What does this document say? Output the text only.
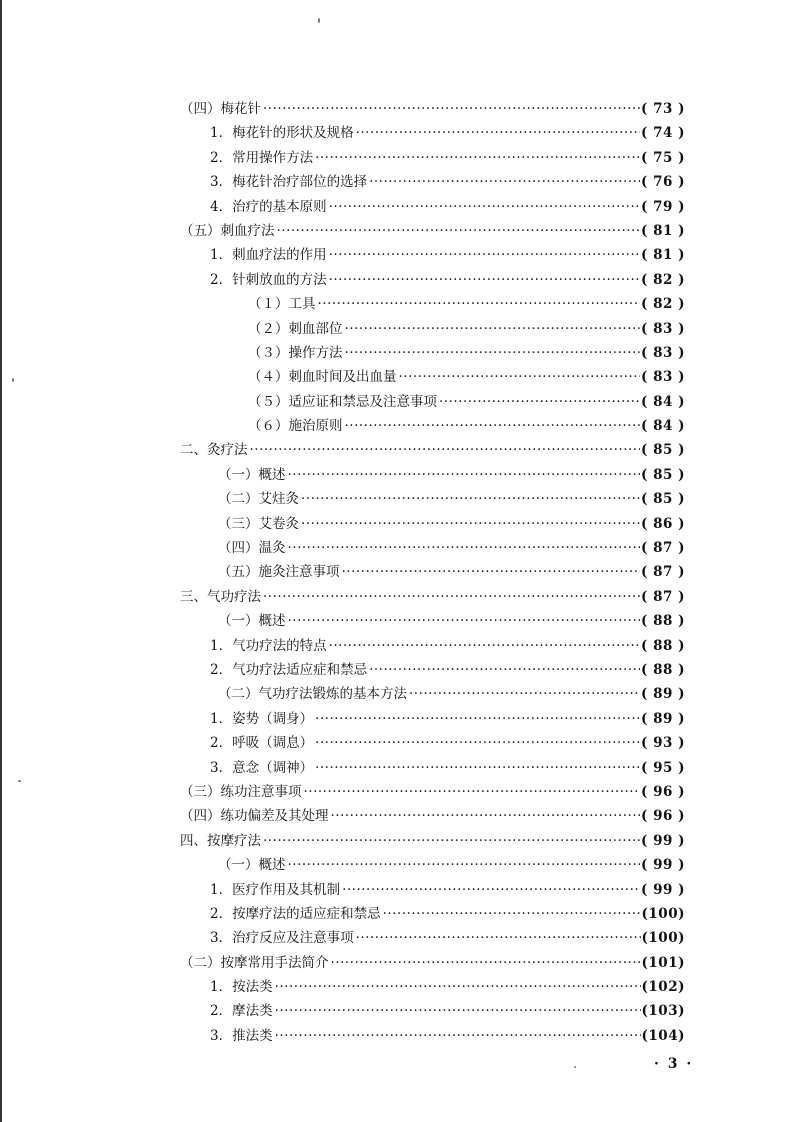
（四）梅花针 ·····	( 73 )
1． 梅花针的形状及规格 ·····	( 74 )
2． 常用操作方法 ·····	( 75 )
3． 梅花针治疗部位的选择 ·····	( 76 )
4． 治疗的基本原则 ·····	( 79 )
（五）刺血疗法 ·····	( 81 )
1． 刺血疗法的作用 ·····	( 81 )
2． 针刺放血的方法 ·····	( 82 )
（１）工具 ·····	( 82 )
（２）刺血部位 ·····	( 83 )
（３）操作方法 ·····	( 83 )
（４）刺血时间及出血量 ·····	( 83 )
（５）适应证和禁忌及注意事项 ·····	( 84 )
（６）施治原则 ·····	( 84 )
二、灸疗法 ·····	( 85 )
（一）概述 ·····	( 85 )
（二）艾炷灸 ·····	( 85 )
（三）艾卷灸 ·····	( 86 )
（四）温灸 ·····	( 87 )
（五）施灸注意事项 ·····	( 87 )
三、气功疗法 ·····	( 87 )
（一）概述 ·····	( 88 )
1． 气功疗法的特点 ·····	( 88 )
2． 气功疗法适应症和禁忌 ·····	( 88 )
（二）气功疗法锻炼的基本方法 ·····	( 89 )
1． 姿势（调身） ·····	( 89 )
2． 呼吸（调息） ·····	( 93 )
3． 意念（调神） ·····	( 95 )
（三）练功注意事项 ·····	( 96 )
（四）练功偏差及其处理 ·····	( 96 )
四、按摩疗法 ·····	( 99 )
（一）概述 ·····	( 99 )
1． 医疗作用及其机制 ·····	( 99 )
2． 按摩疗法的适应症和禁忌 ·····	(100)
3． 治疗反应及注意事项 ·····	(100)
（二）按摩常用手法简介 ·····	(101)
1． 按法类 ·····	(102)
2． 摩法类 ·····	(103)
3． 推法类 ·····	(104)
· 3 ·
